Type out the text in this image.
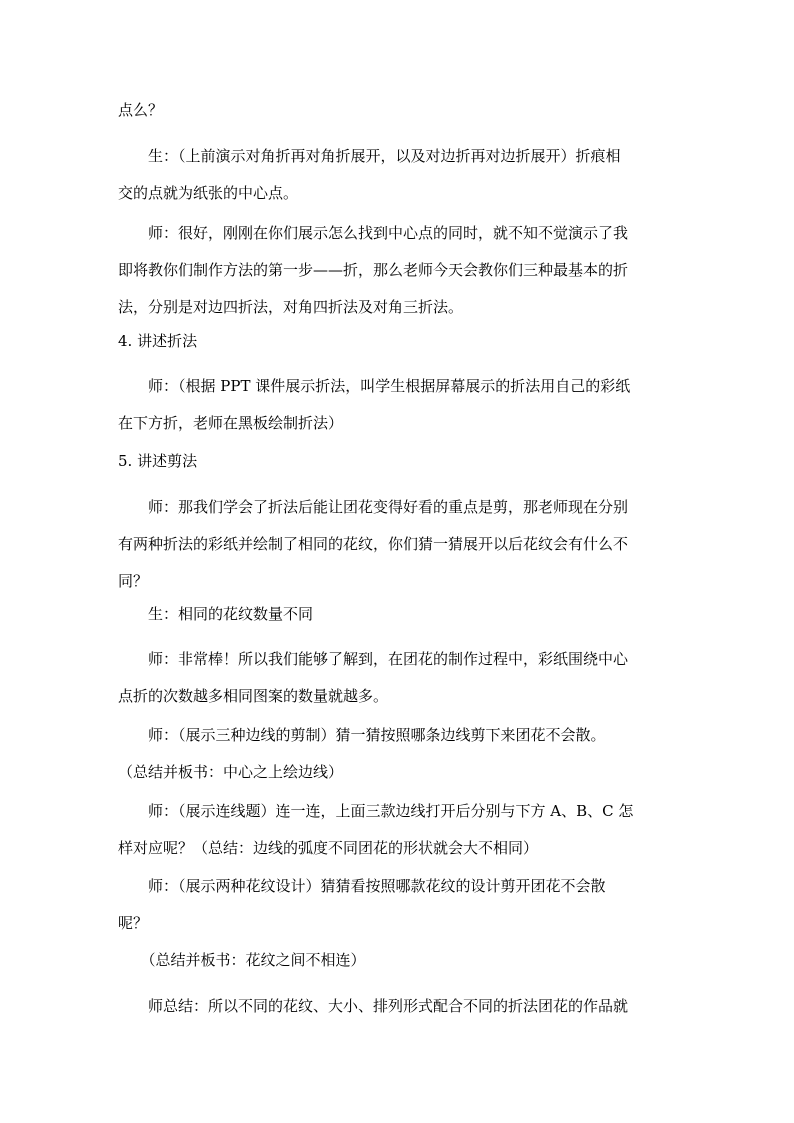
点么？
　　生：（上前演示对角折再对角折展开，以及对边折再对边折展开）折痕相
交的点就为纸张的中心点。
　　师：很好，刚刚在你们展示怎么找到中心点的同时，就不知不觉演示了我
即将教你们制作方法的第一步——折，那么老师今天会教你们三种最基本的折
法，分别是对边四折法，对角四折法及对角三折法。
4. 讲述折法
　　师：（根据 PPT 课件展示折法，叫学生根据屏幕展示的折法用自己的彩纸
在下方折，老师在黑板绘制折法）
5. 讲述剪法
　　师：那我们学会了折法后能让团花变得好看的重点是剪，那老师现在分别
有两种折法的彩纸并绘制了相同的花纹，你们猜一猜展开以后花纹会有什么不
同？
　　生：相同的花纹数量不同
　　师：非常棒！所以我们能够了解到，在团花的制作过程中，彩纸围绕中心
点折的次数越多相同图案的数量就越多。
　　师：（展示三种边线的剪制）猜一猜按照哪条边线剪下来团花不会散。
（总结并板书：中心之上绘边线）
　　师：（展示连线题）连一连，上面三款边线打开后分别与下方 A、B、C 怎
样对应呢？（总结：边线的弧度不同团花的形状就会大不相同）
　　师：（展示两种花纹设计）猜猜看按照哪款花纹的设计剪开团花不会散
呢？
　　（总结并板书：花纹之间不相连）
　　师总结：所以不同的花纹、大小、排列形式配合不同的折法团花的作品就
